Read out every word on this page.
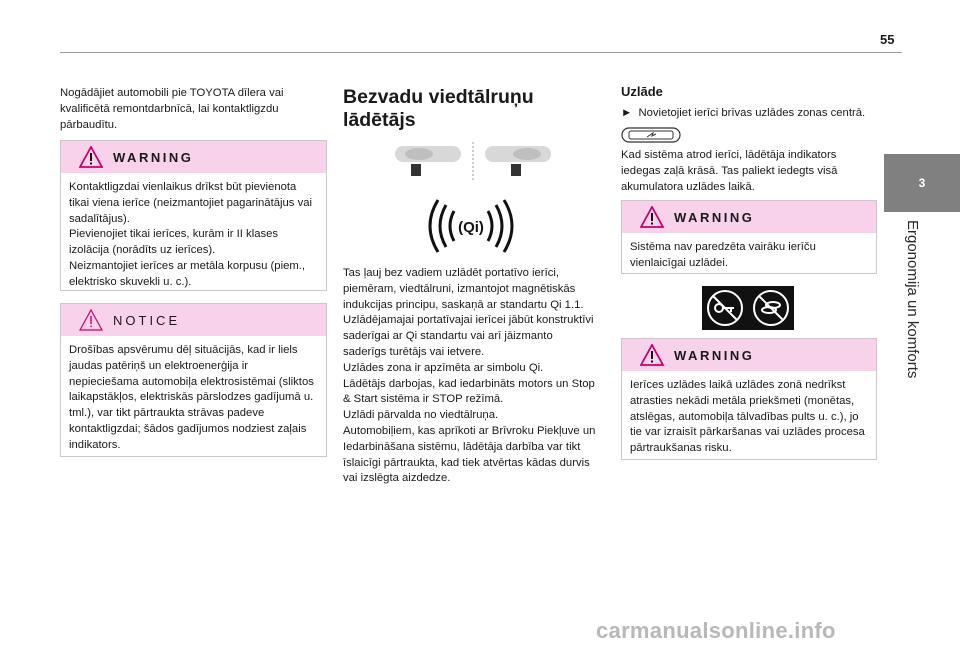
55
3
Ergonomija un komforts

Nogādājiet automobili pie TOYOTA dīlera vai kvalificētā remontdarbnīcā, lai kontaktligzdu pārbaudītu.

WARNING

Kontaktligzdai vienlaikus drīkst būt pievienota tikai viena ierīce (neizmantojiet pagarinātājus vai sadalītājus).

Pievienojiet tikai ierīces, kurām ir II klases izolācija (norādīts uz ierīces).

Neizmantojiet ierīces ar metāla korpusu (piem., elektrisko skuvekli u. c.).

NOTICE

Drošības apsvērumu dēļ situācijās, kad ir liels jaudas patēriņš un elektroenerģija ir nepieciešama automobiļa elektrosistēmai (sliktos laikapstākļos, elektriskās pārslodzes gadījumā u. tml.), var tikt pārtraukta strāvas padeve kontaktligzdai; šādos gadījumos nodziest zaļais indikators.

Bezvadu viedtālruņu lādētājs
(Qi)

Tas ļauj bez vadiem uzlādēt portatīvo ierīci, piemēram, viedtālruni, izmantojot magnētiskās indukcijas principu, saskaņā ar standartu Qi 1.1.

Uzlādējamajai portatīvajai ierīcei jābūt konstruktīvi saderīgai ar Qi standartu vai arī jāizmanto saderīgs turētājs vai ietvere.

Uzlādes zona ir apzīmēta ar simbolu Qi.

Lādētājs darbojas, kad iedarbināts motors un Stop & Start sistēma ir STOP režīmā.

Uzlādi pārvalda no viedtālruņa.

Automobiļiem, kas aprīkoti ar Brīvroku Piekļuve un Iedarbināšana sistēmu, lādētāja darbība var tikt īslaicīgi pārtraukta, kad tiek atvērtas kādas durvis vai izslēgta aizdedze.

Uzlāde
► Novietojiet ierīci brīvas uzlādes zonas centrā.

Kad sistēma atrod ierīci, lādētāja indikators iedegas zaļā krāsā. Tas paliekt iedegts visā akumulatora uzlādes laikā.

WARNING

Sistēma nav paredzēta vairāku ierīču vienlaicīgai uzlādei.

WARNING

Ierīces uzlādes laikā uzlādes zonā nedrīkst atrasties nekādi metāla priekšmeti (monētas, atslēgas, automobiļa tālvadības pults u. c.), jo tie var izraisīt pārkaršanas vai uzlādes procesa pārtraukšanas risku.

carmanualsonline.info
